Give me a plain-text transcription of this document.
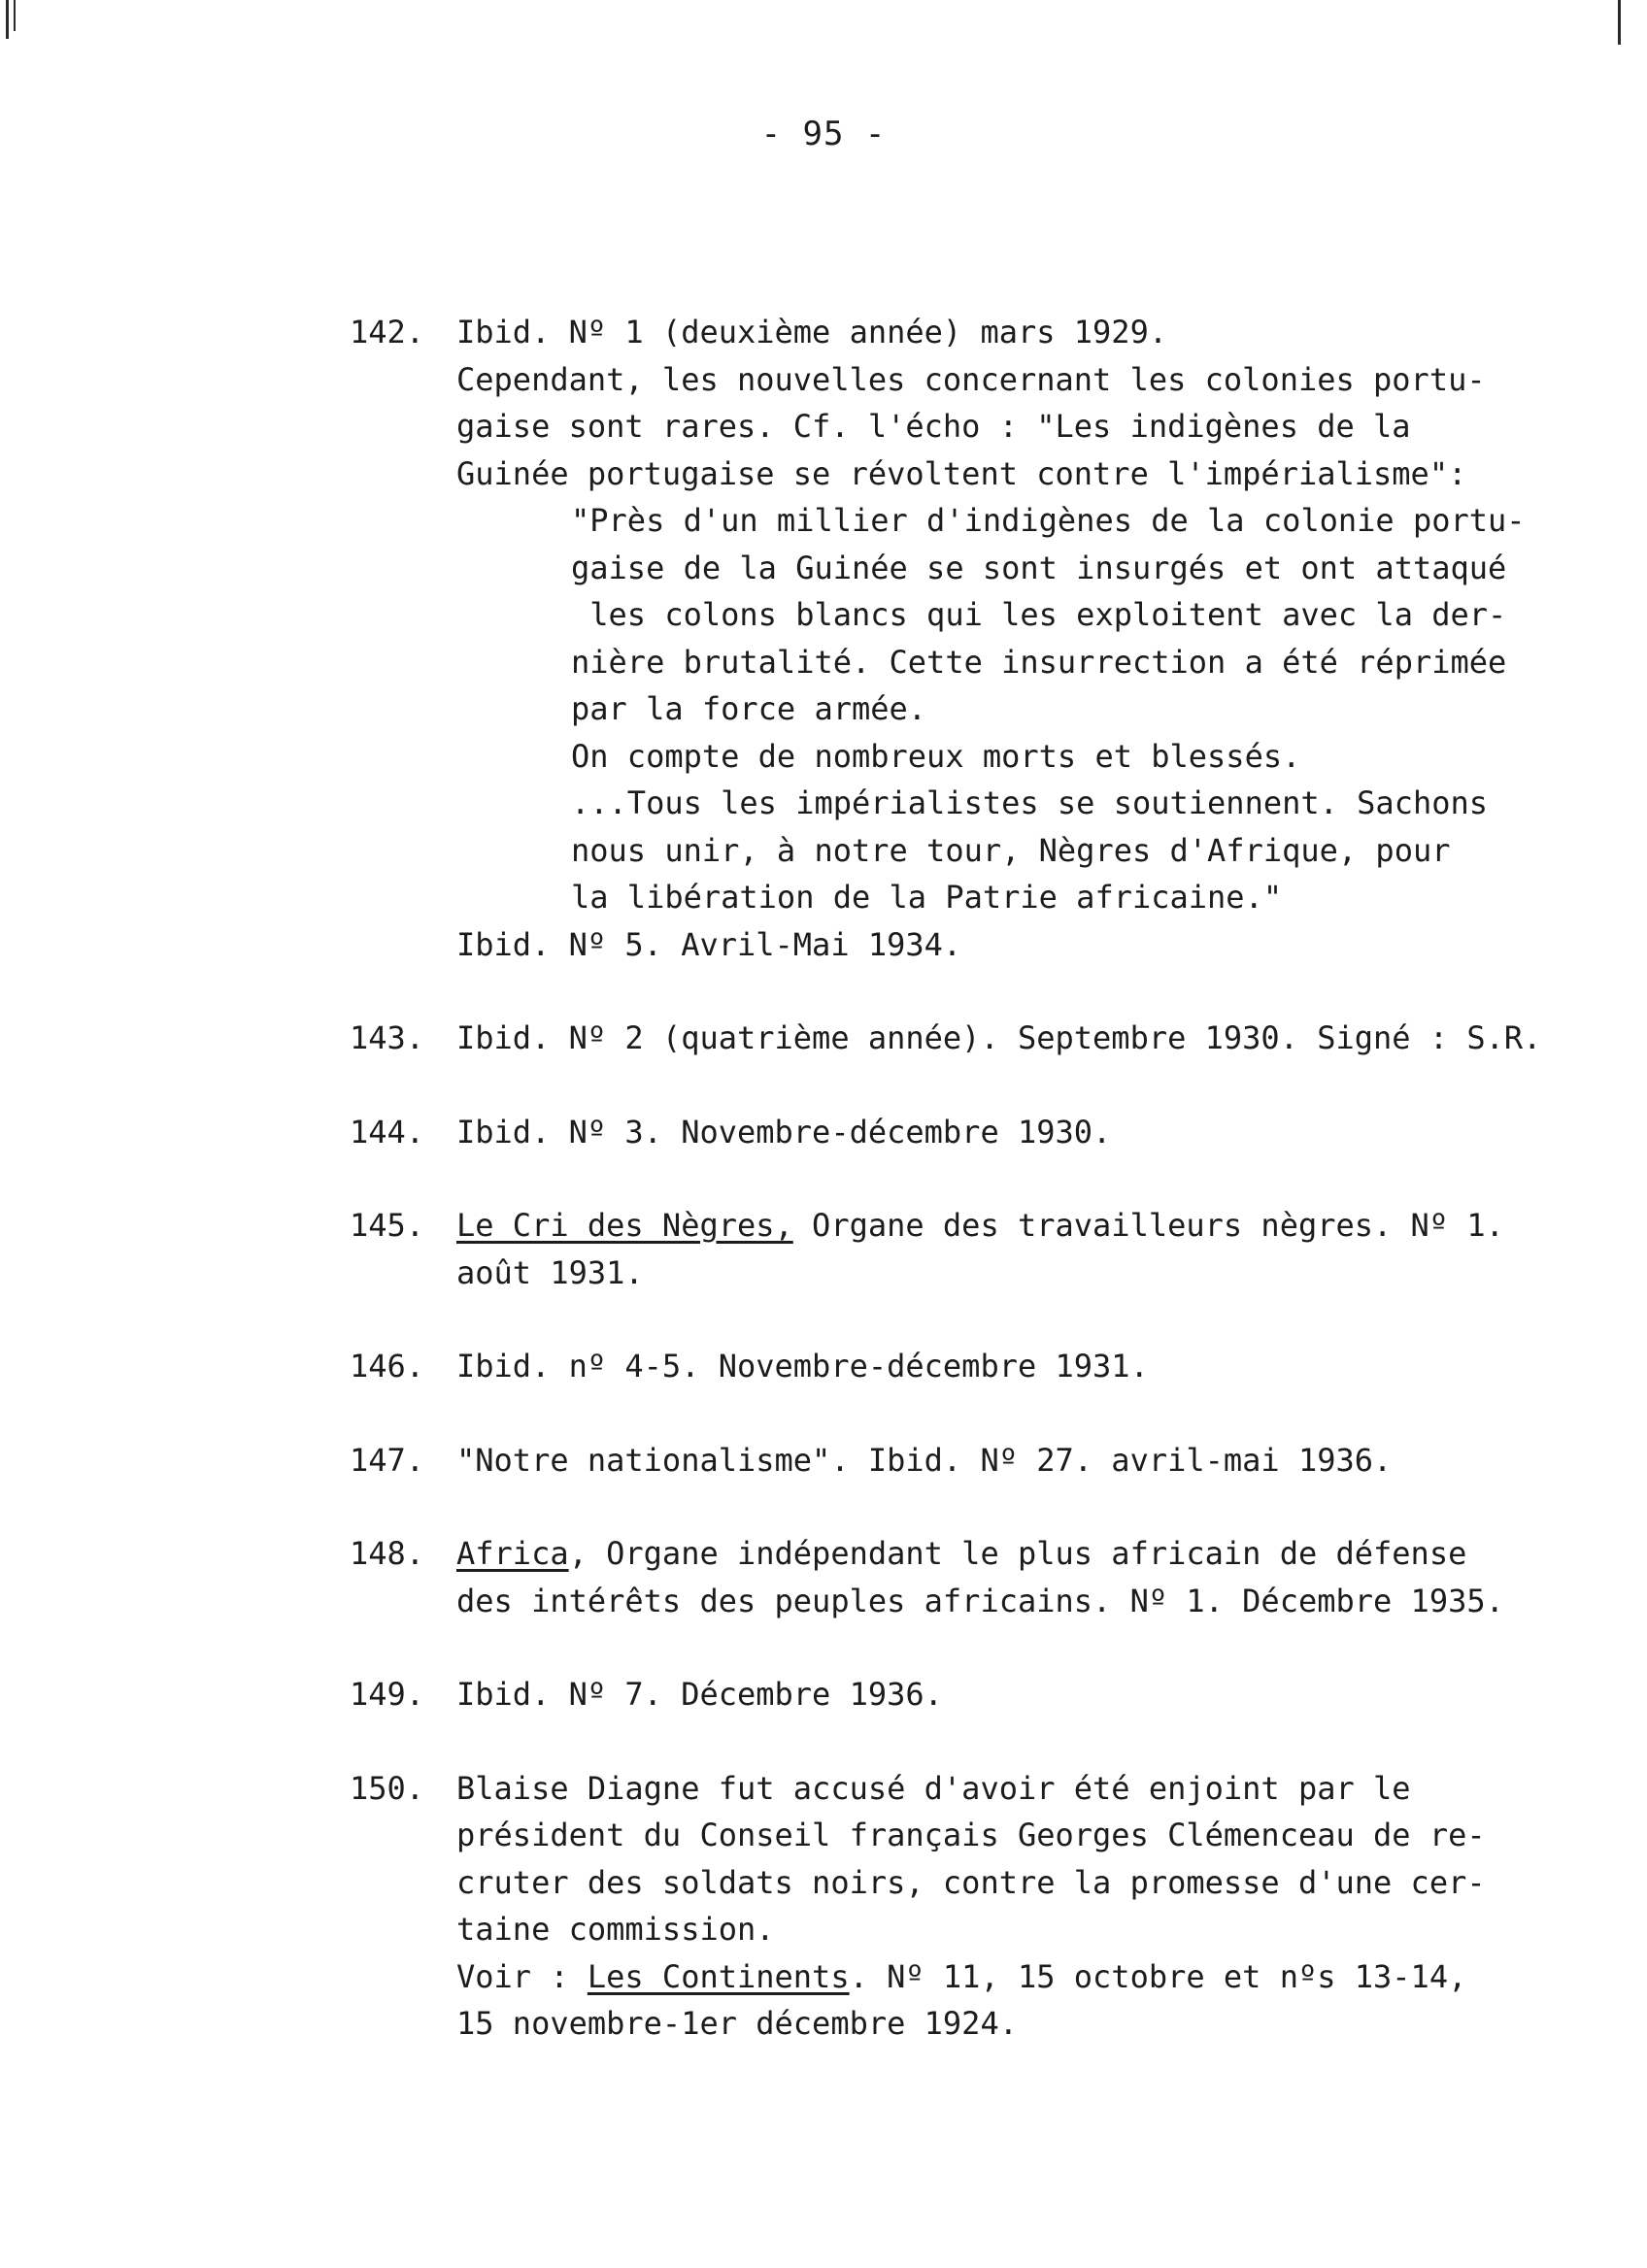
- 95 -
142. Ibid. Nº 1 (deuxième année) mars 1929.
Cependant, les nouvelles concernant les colonies portu-
gaise sont rares. Cf. l'écho : "Les indigènes de la
Guinée portugaise se révoltent contre l'impérialisme":
"Près d'un millier d'indigènes de la colonie portu-
gaise de la Guinée se sont insurgés et ont attaqué
les colons blancs qui les exploitent avec la der-
nière brutalité. Cette insurrection a été réprimée
par la force armée.
On compte de nombreux morts et blessés.
...Tous les impérialistes se soutiennent. Sachons
nous unir, à notre tour, Nègres d'Afrique, pour
la libération de la Patrie africaine."
Ibid. Nº 5. Avril-Mai 1934.
143. Ibid. Nº 2 (quatrième année). Septembre 1930. Signé : S.R.
144. Ibid. Nº 3. Novembre-décembre 1930.
145. Le Cri des Nègres, Organe des travailleurs nègres. Nº 1.
août 1931.
146. Ibid. nº 4-5. Novembre-décembre 1931.
147. "Notre nationalisme". Ibid. Nº 27. avril-mai 1936.
148. Africa, Organe indépendant le plus africain de défense
des intérêts des peuples africains. Nº 1. Décembre 1935.
149. Ibid. Nº 7. Décembre 1936.
150. Blaise Diagne fut accusé d'avoir été enjoint par le
président du Conseil français Georges Clémenceau de re-
cruter des soldats noirs, contre la promesse d'une cer-
taine commission.
Voir : Les Continents. Nº 11, 15 octobre et nºs 13-14,
15 novembre-1er décembre 1924.
